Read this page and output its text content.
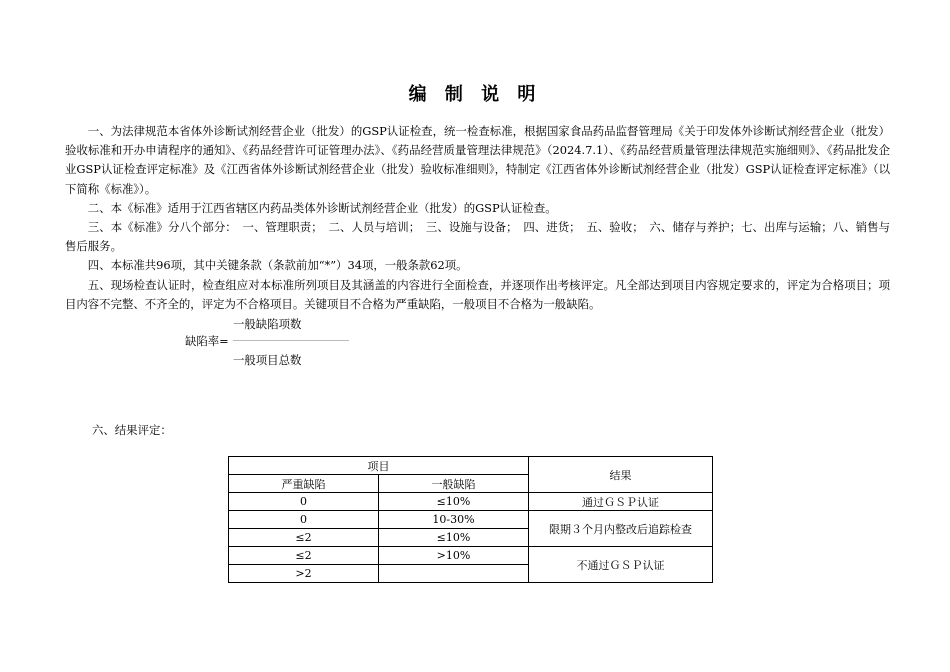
编 制 说 明

一、为法律规范本省体外诊断试剂经营企业（批发）的GSP认证检查，统一检查标准，根据国家食品药品监督管理局《关于印发体外诊断试剂经营企业（批发）验收标准和开办申请程序的通知》、《药品经营许可证管理办法》、《药品经营质量管理法律规范》（2024.7.1）、《药品经营质量管理法律规范实施细则》、《药品批发企业GSP认证检查评定标准》及《江西省体外诊断试剂经营企业（批发）验收标准细则》，特制定《江西省体外诊断试剂经营企业（批发）GSP认证检查评定标准》（以下简称《标准》）。

二、本《标准》适用于江西省辖区内药品类体外诊断试剂经营企业（批发）的GSP认证检查。

三、本《标准》分八个部分：　一、管理职责；　二、人员与培训；　三、设施与设备；　四、进货；　五、验收；　六、储存与养护；七、出库与运输；八、销售与售后服务。

四、本标准共96项，其中关键条款（条款前加“*”）34项，一般条款62项。

五、现场检查认证时，检查组应对本标准所列项目及其涵盖的内容进行全面检查，并逐项作出考核评定。凡全部达到项目内容规定要求的，评定为合格项目；项目内容不完整、不齐全的，评定为不合格项目。关键项目不合格为严重缺陷，一般项目不合格为一般缺陷。

一般缺陷项数
缺陷率=
一般项目总数
六、结果评定：
项目		结果
严重缺陷	一般缺陷	
0	≤10%	通过ＧＳＰ认证
0	10-30%	限期３个月内整改后追踪检查
≤2	≤10%	
≤2	>10%	不通过ＧＳＰ认证
>2		
